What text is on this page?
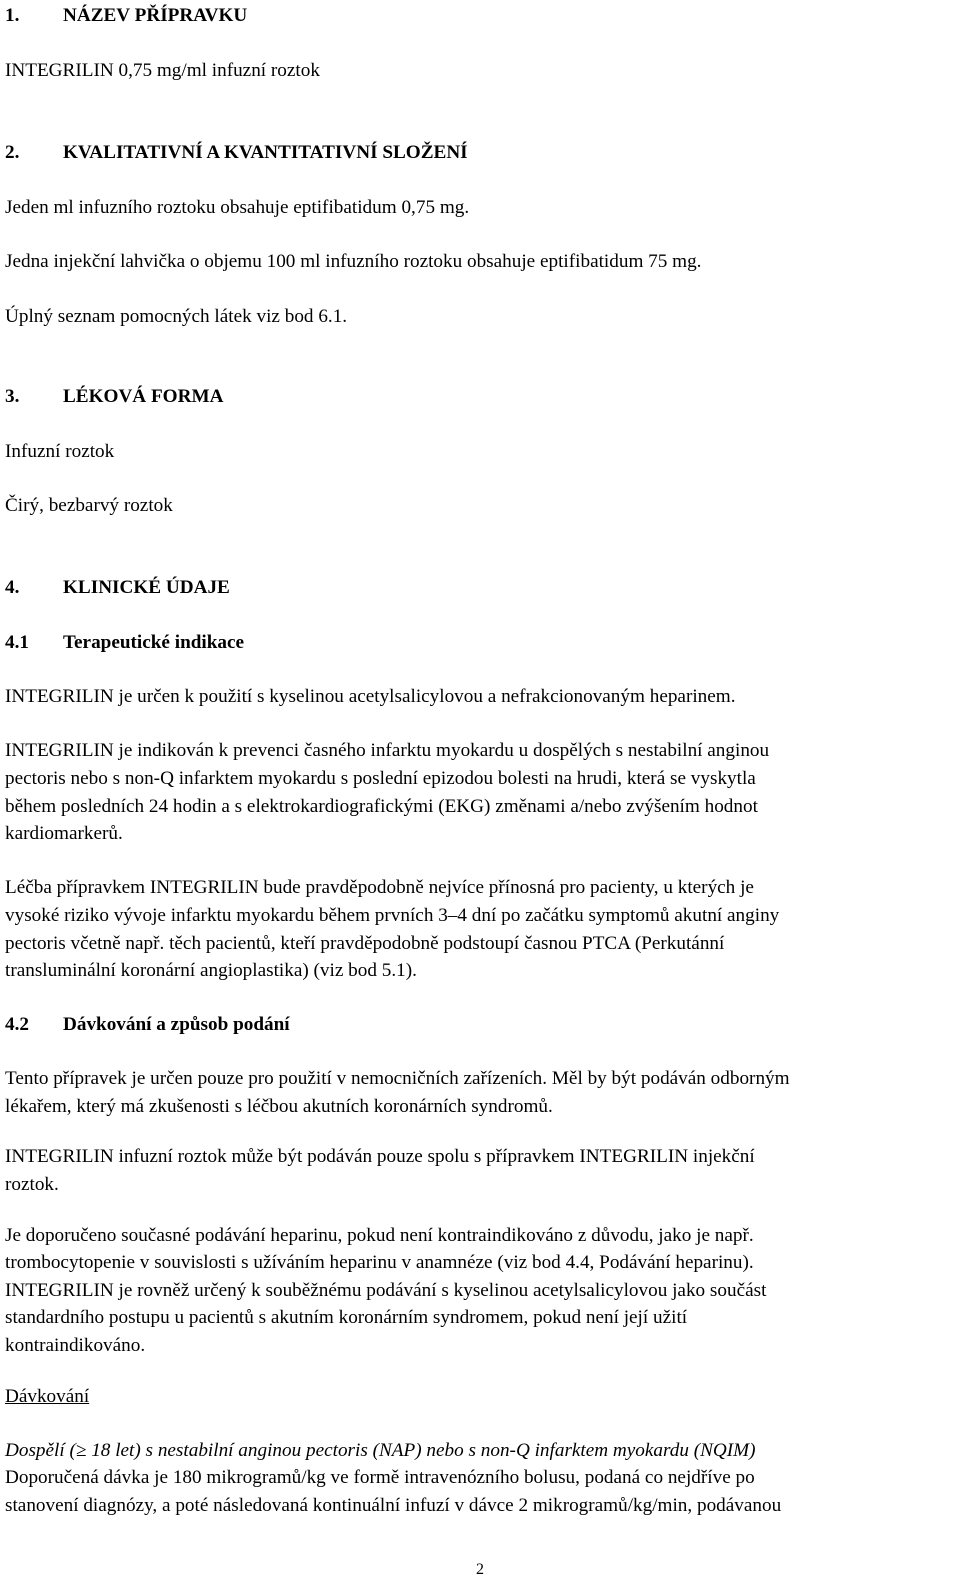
1. NÁZEV PŘÍPRAVKU
INTEGRILIN 0,75 mg/ml infuzní roztok
2. KVALITATIVNÍ A KVANTITATIVNÍ SLOŽENÍ
Jeden ml infuzního roztoku obsahuje eptifibatidum 0,75 mg.
Jedna injekční lahvička o objemu 100 ml infuzního roztoku obsahuje eptifibatidum 75 mg.
Úplný seznam pomocných látek viz bod 6.1.
3. LÉKOVÁ FORMA
Infuzní roztok
Čirý, bezbarvý roztok
4. KLINICKÉ ÚDAJE
4.1 Terapeutické indikace
INTEGRILIN je určen k použití s kyselinou acetylsalicylovou a nefrakcionovaným heparinem.
INTEGRILIN je indikován k prevenci časného infarktu myokardu u dospělých s nestabilní anginou
pectoris nebo s non-Q infarktem myokardu s poslední epizodou bolesti na hrudi, která se vyskytla
během posledních 24 hodin a s elektrokardiografickými (EKG) změnami a/nebo zvýšením hodnot
kardiomarkerů.
Léčba přípravkem INTEGRILIN bude pravděpodobně nejvíce přínosná pro pacienty, u kterých je
vysoké riziko vývoje infarktu myokardu během prvních 3–4 dní po začátku symptomů akutní anginy
pectoris včetně např. těch pacientů, kteří pravděpodobně podstoupí časnou PTCA (Perkutánní
transluminální koronární angioplastika) (viz bod 5.1).
4.2 Dávkování a způsob podání
Tento přípravek je určen pouze pro použití v nemocničních zařízeních. Měl by být podáván odborným
lékařem, který má zkušenosti s léčbou akutních koronárních syndromů.
INTEGRILIN infuzní roztok může být podáván pouze spolu s přípravkem INTEGRILIN injekční
roztok.
Je doporučeno současné podávání heparinu, pokud není kontraindikováno z důvodu, jako je např.
trombocytopenie v souvislosti s užíváním heparinu v anamnéze (viz bod 4.4, Podávání heparinu).
INTEGRILIN je rovněž určený k souběžnému podávání s kyselinou acetylsalicylovou jako součást
standardního postupu u pacientů s akutním koronárním syndromem, pokud není její užití
kontraindikováno.
Dávkování
Dospělí (≥ 18 let) s nestabilní anginou pectoris (NAP) nebo s non-Q infarktem myokardu (NQIM)
Doporučená dávka je 180 mikrogramů/kg ve formě intravenózního bolusu, podaná co nejdříve po
stanovení diagnózy, a poté následovaná kontinuální infuzí v dávce 2 mikrogramů/kg/min, podávanou
2
